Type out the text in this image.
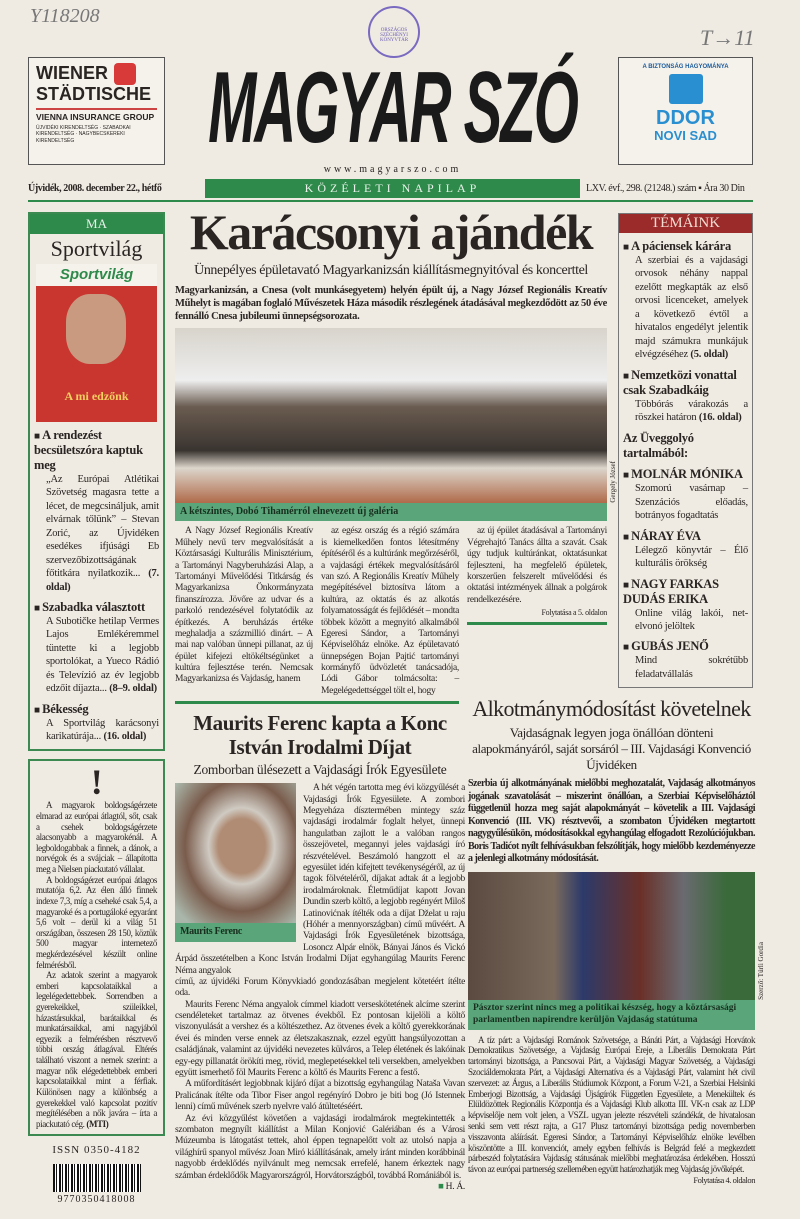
Y118208
T→11
ORSZÁGOS SZÉCHÉNYI KÖNYVTÁR
WIENER
STÄDTISCHE
VIENNA INSURANCE GROUP
ÚJVIDÉKI KIRENDELTSÉG · SZABADKAI KIRENDELTSÉG · NAGYBECSKEREKI KIRENDELTSÉG	MAGYAR SZÓ
www.magyarszo.com
A BIZTONSÁG HAGYOMÁNYA
DDOR
NOVI SAD
Újvidék, 2008. december 22., hétfő	KÖZÉLETI NAPILAP	LXV. évf., 298. (21248.) szám ▪ Ára 30 Din
MA
Sportvilág
Sportvilág
A mi edzőnk
■ A rendezést becsületszóra kaptuk meg
„Az Európai Atlétikai Szövetség magasra tette a lécet, de megcsináljuk, amit elvárnak tőlünk” – Stevan Zorić, az Újvidéken esedékes ifjúsági Eb szervezőbizottságának főtitkára nyilatkozik... (7. oldal)
■ Szabadka választott
A Subotičke hetilap Vermes Lajos Emlékéremmel tüntette ki a legjobb sportolókat, a Yueco Rádió és Televízió az év legjobb edzőit díjazta... (8–9. oldal)
■ Békesség
A Sportvilág karácsonyi karikatúrája... (16. oldal)
!

A magyarok boldogságérzete elmarad az európai átlagtól, sőt, csak a csehek boldogságérzete alacsonyabb a magyarokénál. A legboldogabbak a finnek, a dánok, a norvégok és a svájciak – állapította meg a Nielsen piackutató vállalat.

A boldogságérzet európai átlagos mutatója 6,2. Az élen álló finnek indexe 7,3, míg a cseheké csak 5,4, a magyaroké és a portugáloké egyaránt 5,6 volt – derül ki a világ 51 országában, összesen 28 150, köztük 500 magyar internetező megkérdezésével készült online felmérésből.

Az adatok szerint a magyarok emberi kapcsolataikkal a legelégedettebbek. Sorrendben a gyerekeikkel, szüleikkel, házastársukkal, barátaikkal és munkatársaikkal, ami nagyjából egyezik a felmérésben résztvevő többi ország átlagával. Eltérés található viszont a nemek szerint: a magyar nők elégedettebbek emberi kapcsolataikkal mint a férfiak. Különösen nagy a különbség a gyerekekkel való kapcsolat pozitív megítélésében a nők javára – írta a piackutató cég. (MTI)

ISSN 0350-4182
9770350418008
Karácsonyi ajándék
Ünnepélyes épületavató Magyarkanizsán kiállításmegnyitóval és koncerttel
Magyarkanizsán, a Cnesa (volt munkásegyetem) helyén épült új, a Nagy József Regionális Kreatív Műhelyt is magában foglaló Művészetek Háza második részlegének átadásával megkezdődött az 50 éve fennálló Cnesa jubileumi ünnepségsorozata.
Gergely József
A kétszintes, Dobó Tihamérról elnevezett új galéria

A Nagy József Regionális Kreatív Műhely nevű terv megvalósítását a Köztársasági Kulturális Minisztérium, a Tartományi Nagyberuházási Alap, a Tartományi Művelődési Titkárság és Magyarkanizsa Önkormányzata finanszírozza. Jövőre az udvar és a parkoló rendezésével folytatódik az építkezés. A beruházás értéke meghaladja a százmillió dinárt. – A mai nap valóban ünnepi pillanat, az új épület kifejezi eltökéltségünket a kultúra fejlesztése terén. Nemcsak Magyarkanizsa és Vajdaság, hanem

az egész ország és a régió számára is kiemelkedően fontos létesítmény építéséről és a kultúránk megőrzéséről, a vajdasági értékek megvalósításáról van szó. A Regionális Kreatív Műhely megépítésével biztosítva látom a kultúra, az oktatás és az alkotás folyamatosságát és fejlődését – mondta többek között a megnyitó alkalmából Egeresi Sándor, a Tartományi Képviselőház elnöke. Az épületavató ünnepségen Bojan Pajtić tartományi kormányfő üdvözletét tanácsadója, Lódi Gábor tolmácsolta: – Megelégedettséggel tölt el, hogy

az új épület átadásával a Tartományi Végrehajtó Tanács állta a szavát. Csak úgy tudjuk kultúránkat, oktatásunkat fejleszteni, ha megfelelő épületek, korszerűen felszerelt művelődési és oktatási intézmények állnak a polgárok rendelkezésére.

Folytatása a 5. oldalon
TÉMÁINK
■ A páciensek kárára
A szerbiai és a vajdasági orvosok néhány nappal ezelőtt megkapták az első orvosi licenceket, amelyek a következő évtől a hivatalos engedélyt jelentik majd számukra munkájuk elvégzéséhez (5. oldal)
■ Nemzetközi vonattal csak Szabadkáig
Többórás várakozás a röszkei határon (16. oldal)
Az Üveggolyó tartalmából:
■ MOLNÁR MÓNIKA
Szomorú vasárnap – Szenzációs előadás, botrányos fogadtatás
■ NÁRAY ÉVA
Lélegző könyvtár – Élő kulturális örökség
■ NAGY FARKAS DUDÁS ERIKA
Online világ lakói, net-elvonó jelöltek
■ GUBÁS JENŐ
Mind sokrétűbb feladatvállalás
Maurits Ferenc kapta a Konc István Irodalmi Díjat
Zomborban ülésezett a Vajdasági Írók Egyesülete
Maurits Ferenc

A hét végén tartotta meg évi közgyűlését a Vajdasági Írók Egyesülete. A zombori Megyeháza dísztermében mintegy száz vajdasági irodalmár foglalt helyet, ünnepi hangulatban zajlott le a valóban rangos összejövetel, megannyi jeles vajdasági író részvételével. Beszámoló hangzott el az egyesület idén kifejtett tevékenységéről, az új tagok fölvételéről, díjakat adtak át a legjobb irodalmároknak. Életműdíjat kapott Jovan Dundin szerb költő, a legjobb regényért Miloš Latinovićnak ítélték oda a díjat Dželat u raju (Hóhér a mennyországban) című művéért. A Vajdasági Írók Egyesületének bizottsága, Losoncz Alpár elnök, Bányai János és Vickó Árpád összetételben a Konc István Irodalmi Díjat egyhangúlag Maurits Ferenc Néma angyalok

című, az újvidéki Forum Könyvkiadó gondozásában megjelent kötetéért ítélte oda.

Maurits Ferenc Néma angyalok címmel kiadott verseskötetének alcíme szerint csendéleteket tartalmaz az ötvenes évekből. Ez pontosan kijelöli a költő viszonyulását a vershez és a költészethez. Az ötvenes évek a költő gyerekkorának évei és minden verse ennek az életszakasznak, ezzel együtt hangsúlyozottan a családjának, valamint az újvidéki nevezetes külváros, a Telep életének és lakóinak egy-egy pillanatát örökíti meg, rövid, meglepetésekkel teli versekben, amelyekben együtt ismerhető föl Maurits Ferenc a költő és Maurits Ferenc a festő.

A műfordításért legjobbnak kijáró díjat a bizottság egyhangúlag Nataša Vavan Pralicának ítélte oda Tibor Fiser angol regényíró Dobro je biti bog (Jó Istennek lenni) című művének szerb nyelvre való átültetéséért.

Az évi közgyűlést követően a vajdasági irodalmárok megtekintették a szombaton megnyílt kiállítást a Milan Konjović Galériában és a Városi Múzeumba is látogatást tettek, ahol éppen tegnapelőtt volt az utolsó napja a világhírű spanyol művész Joan Miró kiállításának, amely iránt minden korábbinál nagyobb érdeklődés nyilvánult meg nemcsak errefelé, hanem érkeztek nagy számban érdeklődők Magyarországról, Horvátországból, továbbá Romániából is.

■ H. Á.
Alkotmánymódosítást követelnek
Vajdaságnak legyen joga önállóan dönteni alapokmányáról, saját sorsáról – III. Vajdasági Konvenció Újvidéken
Szerbia új alkotmányának mielőbbi meghozatalát, Vajdaság alkotmányos jogának szavatolását – miszerint önállóan, a Szerbiai Képviselőháztól függetlenül hozza meg saját alapokmányát – követelik a III. Vajdasági Konvenció (III. VK) résztvevői, a szombaton Újvidéken megtartott nagygyűlésükön, módosításokkal egyhangúlag elfogadott Rezolúciójukban. Boris Tadićot nyílt felhívásukban felszólítják, hogy mielőbb kezdeményezze a jelenlegi alkotmány módosítását.
Szerző: Túrli Gordia
Pásztor szerint nincs meg a politikai készség, hogy a köztársasági parlamentben napirendre kerüljön Vajdaság statútuma

A tíz párt: a Vajdasági Románok Szövetsége, a Bánáti Párt, a Vajdasági Horvátok Demokratikus Szövetsége, a Vajdaság Európai Ereje, a Liberális Demokrata Párt tartományi bizottsága, a Pancsovai Párt, a Vajdasági Magyar Szövetség, a Vajdasági Szociáldemokrata Párt, a Vajdasági Alternatíva és a Vajdasági Párt, valamint hét civil szervezet: az Árgus, a Liberális Stúdiumok Központ, a Forum V-21, a Szerbiai Helsinki Emberjogi Bizottság, a Vajdasági Újságírók Független Egyesülete, a Menekültek és Elüldözöttek Regionális Központja és a Vajdasági Klub alkotta III. VK-n csak az LDP képviselője nem volt jelen, a VSZL ugyan jelezte részvételi szándékát, de hivatalosan senki sem vett részt rajta, a G17 Plusz tartományi bizottsága pedig novemberben visszavonta aláírását. Egeresi Sándor, a Tartományi Képviselőház elnöke levélben köszöntötte a III. konvenciót, amely egyben felhívás is Belgrád felé a megkezdett párbeszéd folytatására Vajdaság státusának mielőbbi meghatározása érdekében. Hosszú távon az európai partnerség szellemében együtt határozhatják meg Vajdaság jövőképét.

Folytatása 4. oldalon
